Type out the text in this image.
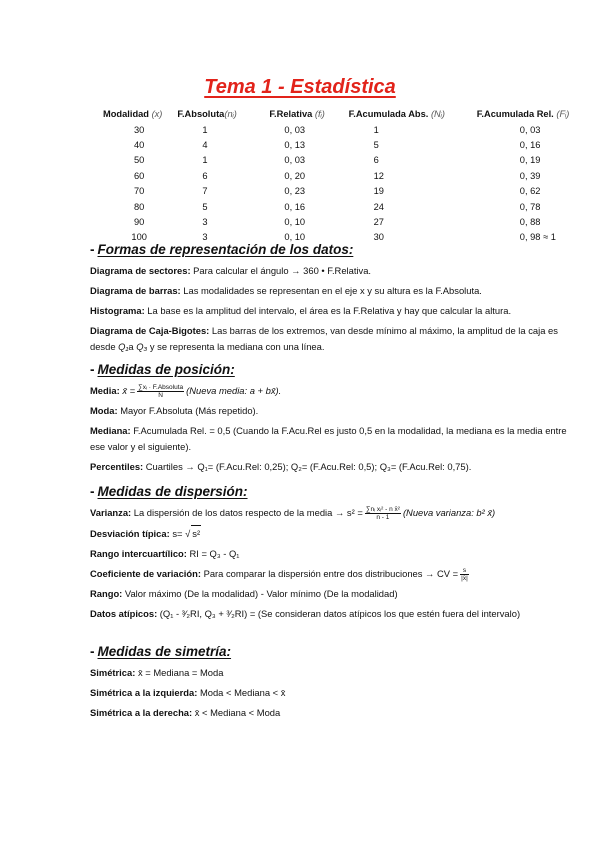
Tema 1 - Estadística
Modalidad (x)	F.Absoluta(nᵢ)	F.Relativa (fᵢ)	F.Acumulada Abs. (Nᵢ)	F.Acumulada Rel. (Fᵢ)
30	1	0, 03	1	0, 03
40	4	0, 13	5	0, 16
50	1	0, 03	6	0, 19
60	6	0, 20	12	0, 39
70	7	0, 23	19	0, 62
80	5	0, 16	24	0, 78
90	3	0, 10	27	0, 88
100	3	0, 10	30	0, 98 ≈ 1
- Formas de representación de los datos:
Diagrama de sectores: Para calcular el ángulo → 360 • F.Relativa.
Diagrama de barras: Las modalidades se representan en el eje x y su altura es la F.Absoluta.
Histograma: La base es la amplitud del intervalo, el área es la F.Relativa y hay que calcular la altura.
Diagrama de Caja-Bigotes: Las barras de los extremos, van desde mínimo al máximo, la amplitud de la caja es desde Q₁a Q₃ y se representa la mediana con una línea.
- Medidas de posición:
Media: x̄ = $\frac{\text{∑xᵢ · F.Absoluta}}{N}$ (Nueva media: a + bx̄).
Moda: Mayor F.Absoluta (Más repetido).
Mediana: F.Acumulada Rel. = 0,5 (Cuando la F.Acu.Rel es justo 0,5 en la modalidad, la mediana es la media entre ese valor y el siguiente).
Percentiles: Cuartiles → Q₁= (F.Acu.Rel: 0,25); Q₂= (F.Acu.Rel: 0,5); Q₃= (F.Acu.Rel: 0,75).
- Medidas de dispersión:
Varianza: La dispersión de los datos respecto de la media → $s^2 = \frac{\text{∑nᵢ xᵢ² - n x̄²}}{n - 1}$ (Nueva varianza: b² x̄)
Desviación típica: s= √ s²
Rango intercuartílico: RI = Q₃ - Q₁
Coeficiente de variación: Para comparar la dispersión entre dos distribuciones → CV = $\frac{s}{|x̄|}$
Rango: Valor máximo (De la modalidad) - Valor mínimo (De la modalidad)
Datos atípicos: (Q₁ - ³⁄₂RI, Q₃ + ³⁄₂RI) = (Se consideran datos atípicos los que estén fuera del intervalo)
- Medidas de simetría:
Simétrica: x̄ = Mediana = Moda
Simétrica a la izquierda: Moda < Mediana < x̄
Simétrica a la derecha: x̄ < Mediana < Moda
